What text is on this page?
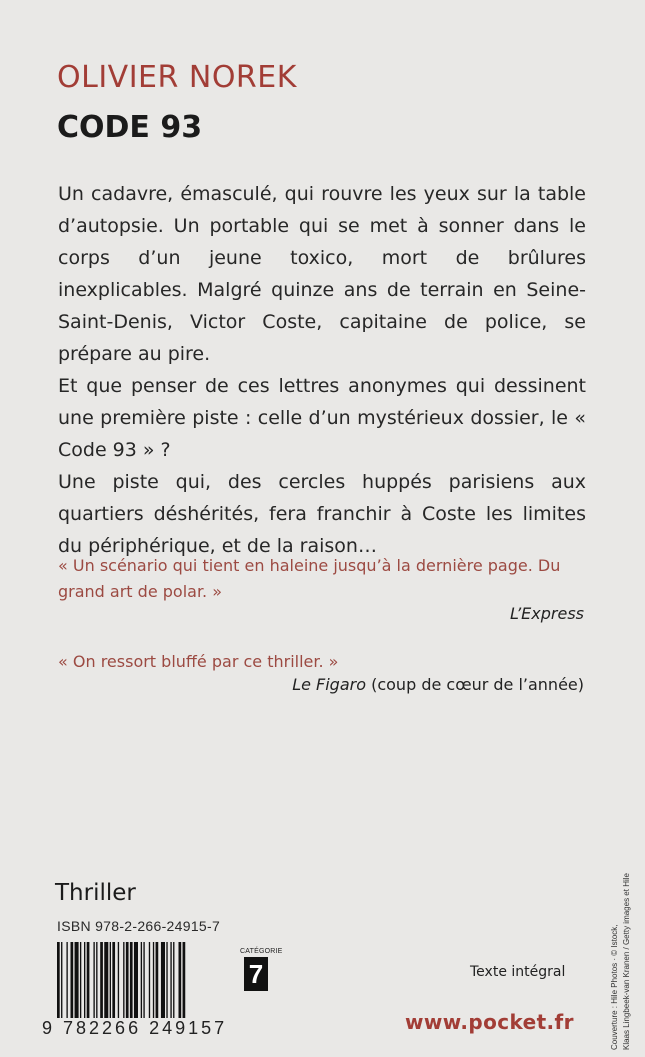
OLIVIER NOREK
CODE 93

Un cadavre, émasculé, qui rouvre les yeux sur la table d’autopsie. Un portable qui se met à sonner dans le corps d’un jeune toxico, mort de brûlures inexplicables. Malgré quinze ans de terrain en Seine-Saint-Denis, Victor Coste, capitaine de police, se prépare au pire.

Et que penser de ces lettres anonymes qui dessinent une première piste : celle d’un mystérieux dossier, le « Code 93 » ?

Une piste qui, des cercles huppés parisiens aux quartiers déshérités, fera franchir à Coste les limites du périphérique, et de la raison…

« Un scénario qui tient en haleine jusqu’à la dernière page. Du grand art de polar. »

L’Express

« On ressort bluffé par ce thriller. »

Le Figaro (coup de cœur de l’année)
Thriller
ISBN 978-2-266-24915-7
9 782266 249157
CATÉGORIE
7	Texte intégral
www.pocket.fr	Couverture : Hile Photos · © Istock, Klaas Lingbeek-van Kranen / Getty images et Hile
